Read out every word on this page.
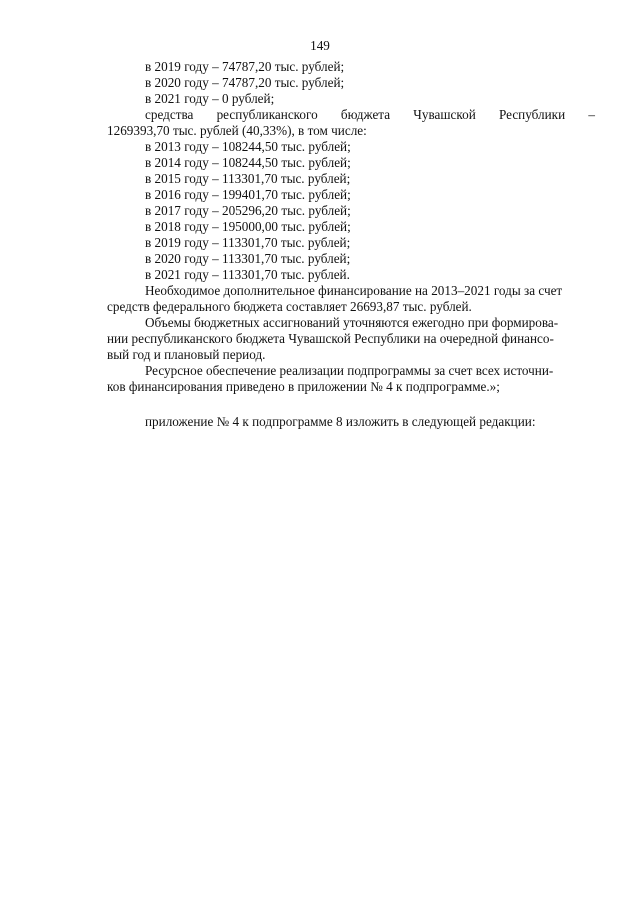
149
в 2019 году – 74787,20 тыс. рублей;
в 2020 году – 74787,20 тыс. рублей;
в 2021 году – 0 рублей;
средства республиканского бюджета Чувашской Республики –
1269393,70 тыс. рублей (40,33%), в том числе:
в 2013 году – 108244,50 тыс. рублей;
в 2014 году – 108244,50 тыс. рублей;
в 2015 году – 113301,70 тыс. рублей;
в 2016 году – 199401,70 тыс. рублей;
в 2017 году – 205296,20 тыс. рублей;
в 2018 году – 195000,00 тыс. рублей;
в 2019 году – 113301,70 тыс. рублей;
в 2020 году – 113301,70 тыс. рублей;
в 2021 году – 113301,70 тыс. рублей.
Необходимое дополнительное финансирование на 2013–2021 годы за счет
средств федерального бюджета составляет 26693,87 тыс. рублей.
Объемы бюджетных ассигнований уточняются ежегодно при формирова-
нии республиканского бюджета Чувашской Республики на очередной финансо-
вый год и плановый период.
Ресурсное обеспечение реализации подпрограммы за счет всех источни-
ков финансирования приведено в приложении № 4 к подпрограмме.»;
приложение № 4 к подпрограмме 8 изложить в следующей редакции:
